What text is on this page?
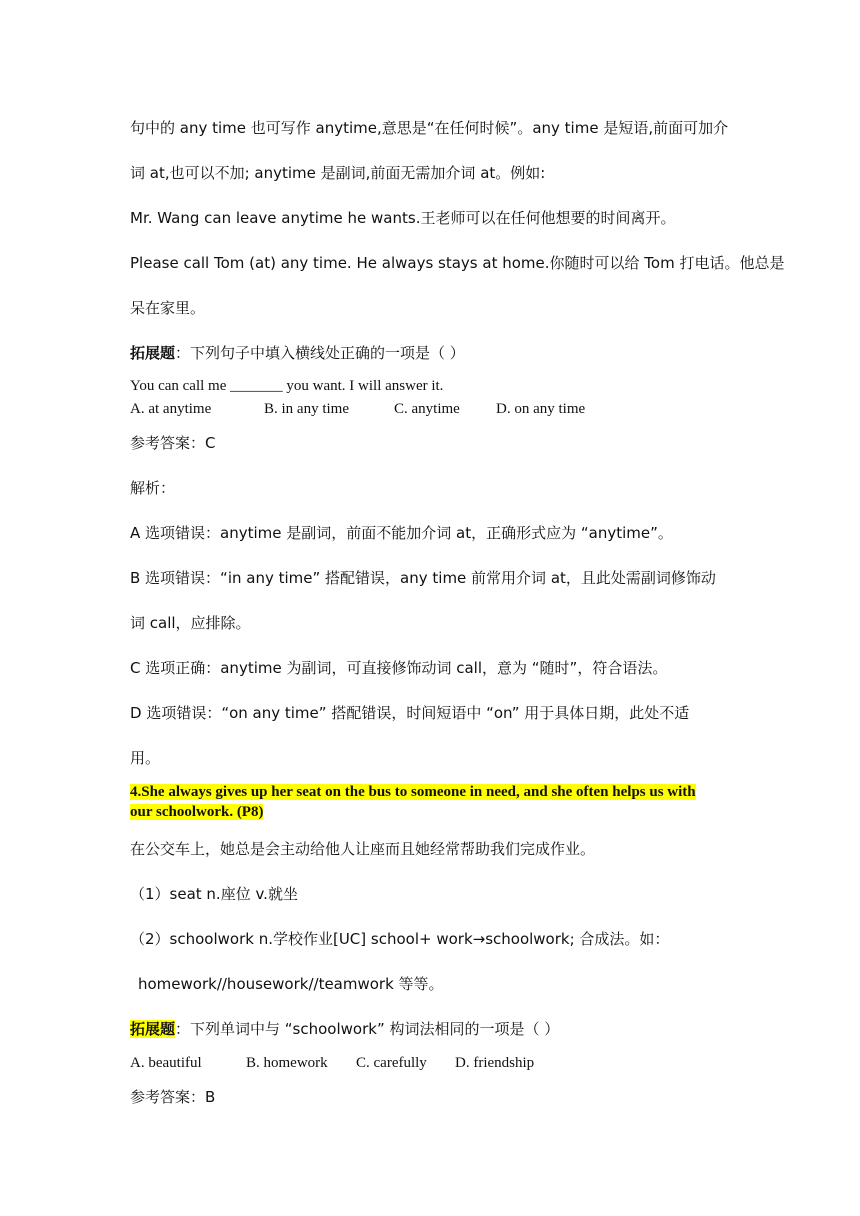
句中的 any time 也可写作 anytime,意思是“在任何时候”。any time 是短语,前面可加介
词 at,也可以不加; anytime 是副词,前面无需加介词 at。例如:
Mr. Wang can leave anytime he wants.王老师可以在任何他想要的时间离开。
Please call Tom (at) any time. He always stays at home.你随时可以给 Tom 打电话。他总是
呆在家里。
拓展题：下列句子中填入横线处正确的一项是（ ）
You can call me _______ you want. I will answer it.
A. at anytime	B. in any time	C. anytime D. on any time
参考答案：C
解析：
A 选项错误：anytime 是副词，前面不能加介词 at，正确形式应为 “anytime”。
B 选项错误：“in any time” 搭配错误，any time 前常用介词 at，且此处需副词修饰动
词 call，应排除。
C 选项正确：anytime 为副词，可直接修饰动词 call，意为 “随时”，符合语法。
D 选项错误：“on any time” 搭配错误，时间短语中 “on” 用于具体日期，此处不适
用。
4.She always gives up her seat on the bus to someone in need, and she often helps us with
our schoolwork. (P8)
在公交车上，她总是会主动给他人让座而且她经常帮助我们完成作业。
（1）seat n.座位 v.就坐
（2）schoolwork n.学校作业[UC] school+ work→schoolwork; 合成法。如：
homework//housework//teamwork 等等。
拓展题：下列单词中与 “schoolwork” 构词法相同的一项是（ ）
A. beautiful	B. homework C. carefully D. friendship
参考答案：B
